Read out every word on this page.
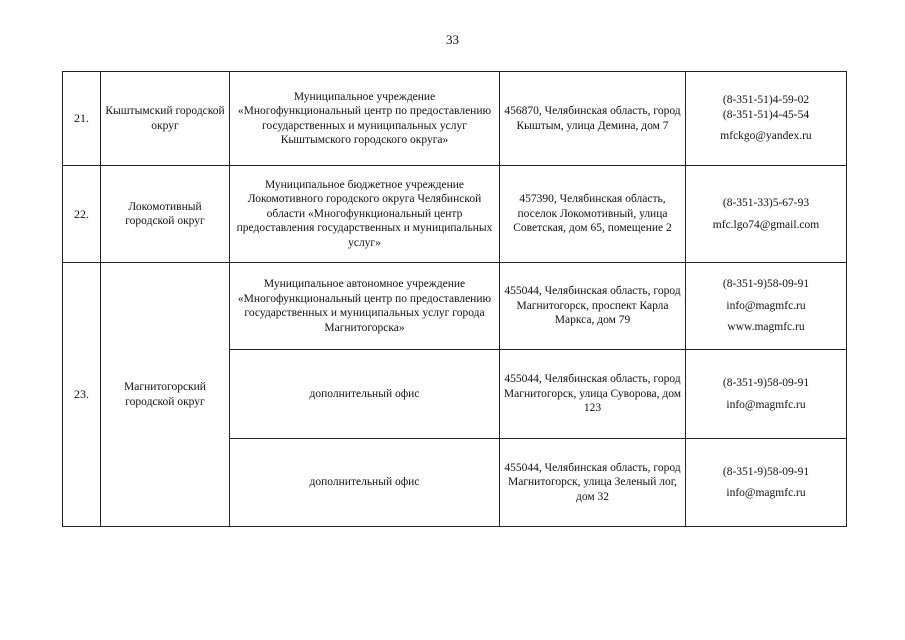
33
21.	Кыштымский городской округ	Муниципальное учреждение «Многофункциональный центр по предоставлению государственных и муниципальных услуг Кыштымского городского округа»	456870, Челябинская область, город Кыштым, улица Демина, дом 7	(8-351-51)4-59-02
(8-351-51)4-45-54
mfckgo@yandex.ru

22.	Локомотивный городской округ	Муниципальное бюджетное учреждение Локомотивного городского округа Челябинской области «Многофункциональный центр предоставления государственных и муниципальных услуг»	457390, Челябинская область, поселок Локомотивный, улица Советская, дом 65, помещение 2	(8-351-33)5-67-93
mfc.lgo74@gmail.com

23.	Магнитогорский городской округ	Муниципальное автономное учреждение «Многофункциональный центр по предоставлению государственных и муниципальных услуг города Магнитогорска»	455044, Челябинская область, город Магнитогорск, проспект Карла Маркса, дом 79	(8-351-9)58-09-91
info@magmfc.ru
www.magmfc.ru

		дополнительный офис	455044, Челябинская область, город Магнитогорск, улица Суворова, дом 123	(8-351-9)58-09-91
info@magmfc.ru

		дополнительный офис	455044, Челябинская область, город Магнитогорск, улица Зеленый лог, дом 32	(8-351-9)58-09-91
info@magmfc.ru
